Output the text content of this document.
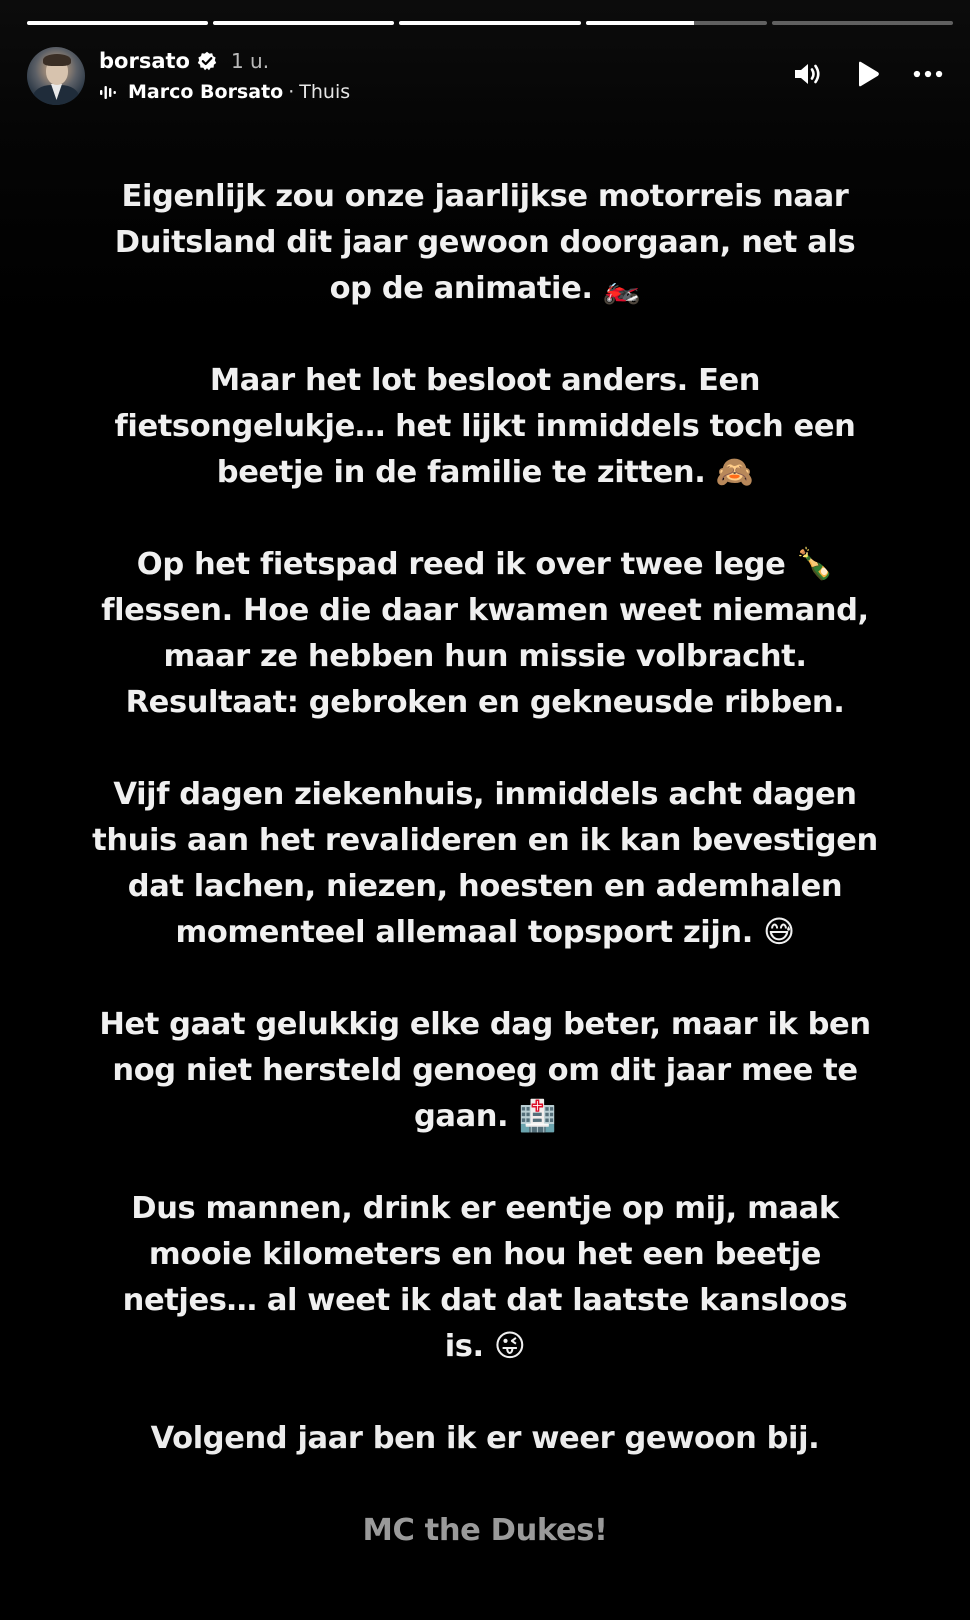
borsato 1 u.
Marco Borsato · Thuis

Eigenlijk zou onze jaarlijkse motorreis naar
Duitsland dit jaar gewoon doorgaan, net als
op de animatie. 🏍️

Maar het lot besloot anders. Een
fietsongelukje… het lijkt inmiddels toch een
beetje in de familie te zitten. 🙈

Op het fietspad reed ik over twee lege 🍾
flessen. Hoe die daar kwamen weet niemand,
maar ze hebben hun missie volbracht.
Resultaat: gebroken en gekneusde ribben.

Vijf dagen ziekenhuis, inmiddels acht dagen
thuis aan het revalideren en ik kan bevestigen
dat lachen, niezen, hoesten en ademhalen
momenteel allemaal topsport zijn. 😅

Het gaat gelukkig elke dag beter, maar ik ben
nog niet hersteld genoeg om dit jaar mee te
gaan. 🏥

Dus mannen, drink er eentje op mij, maak
mooie kilometers en hou het een beetje
netjes… al weet ik dat dat laatste kansloos
is. 😜

Volgend jaar ben ik er weer gewoon bij.

MC the Dukes!
